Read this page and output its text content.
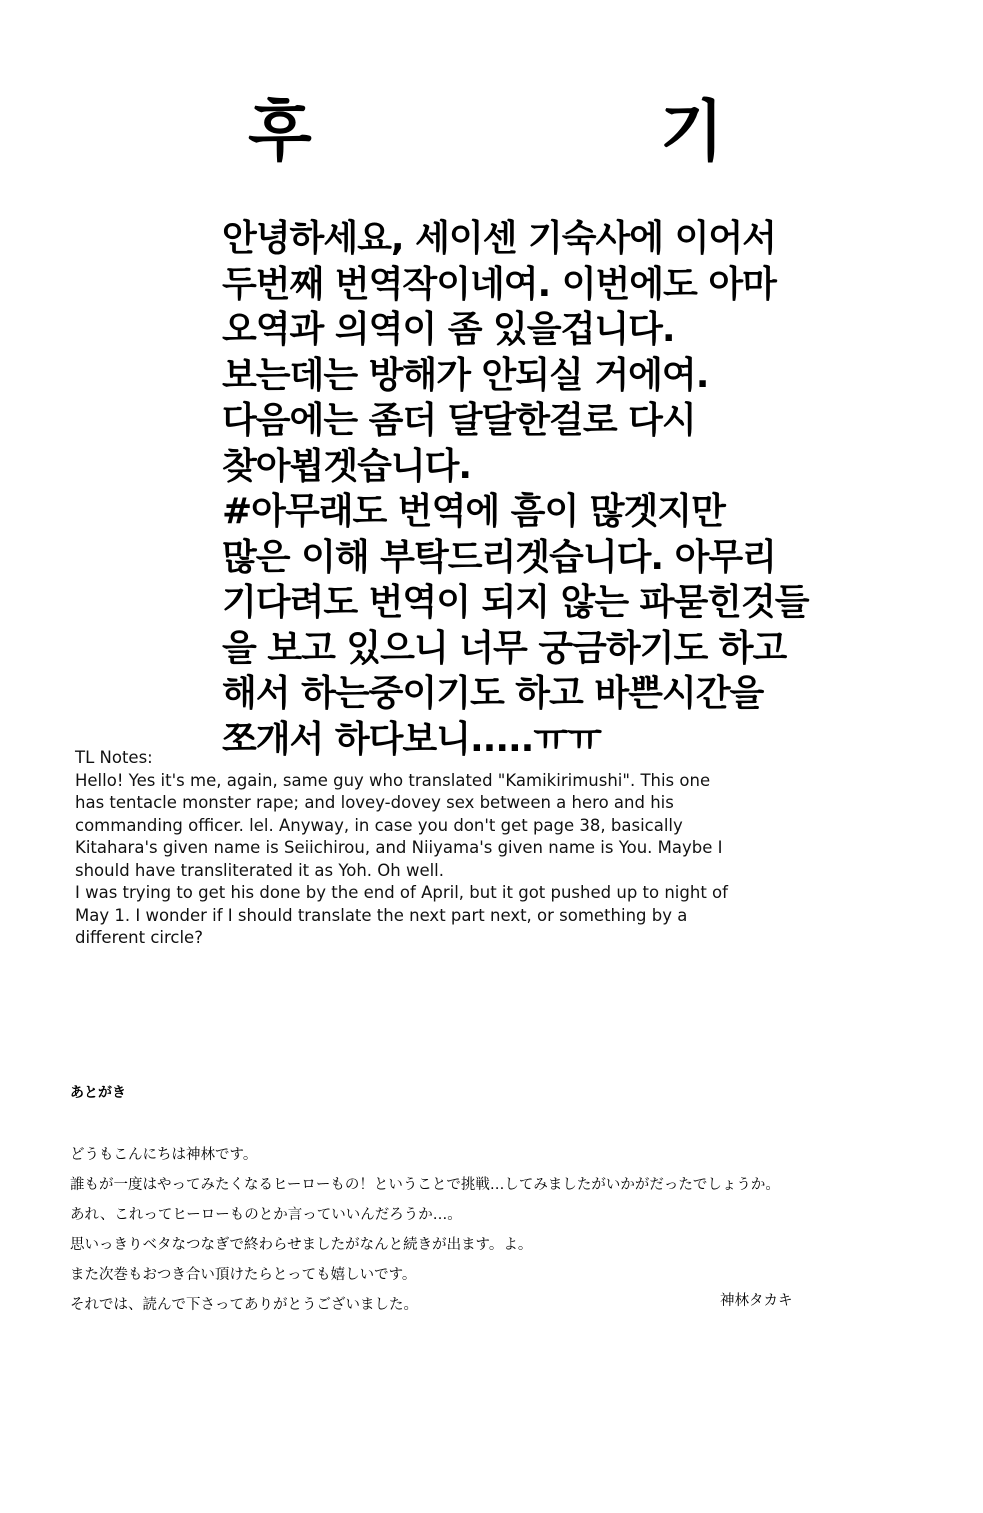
후	기
안녕하세요, 세이센 기숙사에 이어서
두번째 번역작이네여. 이번에도 아마
오역과 의역이 좀 있을겁니다.
보는데는 방해가 안되실 거에여.
다음에는 좀더 달달한걸로 다시
찾아뵙겟습니다.
#아무래도 번역에 흠이 많겟지만
많은 이해 부탁드리겟습니다. 아무리
기다려도 번역이 되지 않는 파묻힌것들
을 보고 있으니 너무 궁금하기도 하고
해서 하는중이기도 하고 바쁜시간을
쪼개서 하다보니.....ㅠㅠ
TL Notes:
Hello! Yes it's me, again, same guy who translated "Kamikirimushi". This one
has tentacle monster rape; and lovey-dovey sex between a hero and his
commanding officer. lel. Anyway, in case you don't get page 38, basically
Kitahara's given name is Seiichirou, and Niiyama's given name is You. Maybe I
should have transliterated it as Yoh. Oh well.
I was trying to get his done by the end of April, but it got pushed up to night of
May 1. I wonder if I should translate the next part next, or something by a
different circle?
あとがき
どうもこんにちは神林です。
誰もが一度はやってみたくなるヒーローもの！ということで挑戦…してみましたがいかがだったでしょうか。
あれ、これってヒーローものとか言っていいんだろうか…。
思いっきりベタなつなぎで終わらせましたがなんと続きが出ます。よ。
また次巻もおつき合い頂けたらとっても嬉しいです。
それでは、読んで下さってありがとうございました。	神林タカキ
